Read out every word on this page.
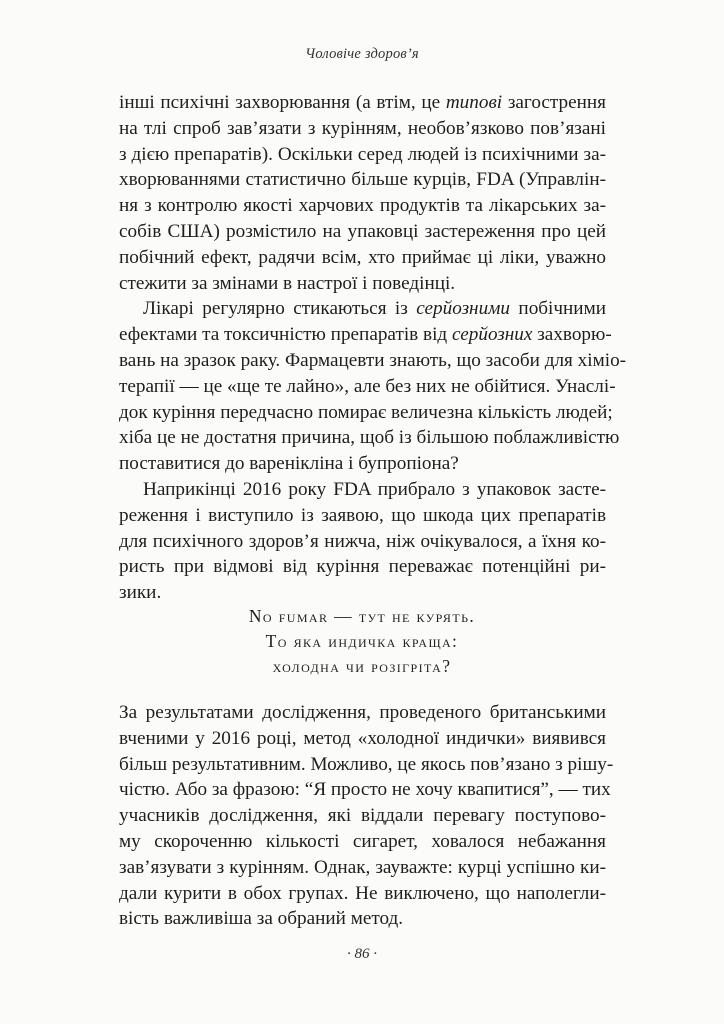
Чоловіче здоров’я
інші психічні захворювання (а втім, це типові загострення
на тлі спроб зав’язати з курінням, необов’язково пов’язані
з дією препаратів). Оскільки серед людей із психічними за-
хворюваннями статистично більше курців, FDA (Управлін-
ня з контролю якості харчових продуктів та лікарських за-
собів США) розмістило на упаковці застереження про цей
побічний ефект, радячи всім, хто приймає ці ліки, уважно
стежити за змінами в настрої і поведінці.
Лікарі регулярно стикаються із серйозними побічними
ефектами та токсичністю препаратів від серйозних захворю-
вань на зразок раку. Фармацевти знають, що засоби для хіміо-
терапії — це «ще те лайно», але без них не обійтися. Унаслі-
док куріння передчасно помирає величезна кількість людей;
хіба це не достатня причина, щоб із більшою поблажливістю
поставитися до варенікліна і бупропіона?
Наприкінці 2016 року FDA прибрало з упаковок засте-
реження і виступило із заявою, що шкода цих препаратів
для психічного здоров’я нижча, ніж очікувалося, а їхня ко-
ристь при відмові від куріння переважає потенційні ри-
зики.
No fumar — тут не курять.
То яка индичка краща:
холодна чи розігріта?
За результатами дослідження, проведеного британськими
вченими у 2016 році, метод «холодної индички» виявився
більш результативним. Можливо, це якось пов’язано з рішу-
чістю. Або за фразою: “Я просто не хочу квапитися”, — тих
учасників дослідження, які віддали перевагу поступово-
му скороченню кількості сигарет, ховалося небажання
зав’язувати з курінням. Однак, зауважте: курці успішно ки-
дали курити в обох групах. Не виключено, що наполегли-
вість важливіша за обраний метод.
· 86 ·
